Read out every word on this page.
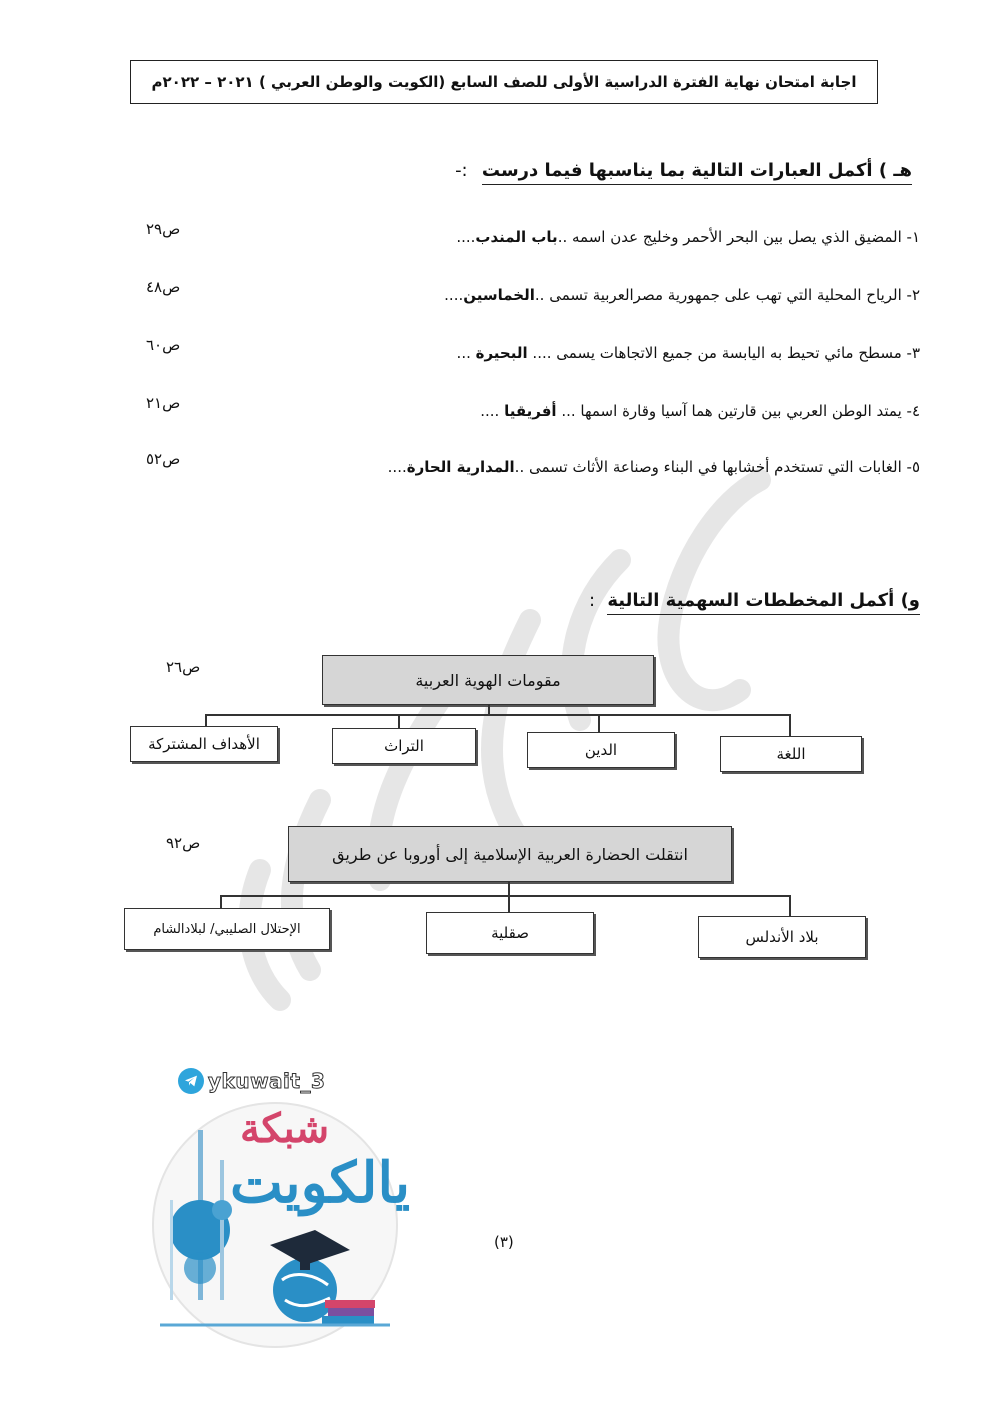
اجابة امتحان نهاية الفترة الدراسية الأولى للصف السابع (الكويت والوطن العربي ) ٢٠٢١ – ٢٠٢٢م
هـ ) أكمل العبارات التالية بما يناسبها فيما درست :-
١- المضيق الذي يصل بين البحر الأحمر وخليج عدن اسمه ..باب المندب....
ص٢٩
٢- الرياح المحلية التي تهب على جمهورية مصرالعربية تسمى ..الخماسين....
ص٤٨
٣- مسطح مائي تحيط به اليابسة من جميع الاتجاهات يسمى .... البحيرة ...
ص٦٠
٤- يمتد الوطن العربي بين قارتين هما آسيا وقارة اسمها ... أفريقيا ....
ص٢١
٥- الغابات التي تستخدم أخشابها في البناء وصناعة الأثاث تسمى ..المدارية الحارة....
ص٥٢
و) أكمل المخططات السهمية التالية :
ص٢٦
مقومات الهوية العربية
اللغة
الدين
التراث
الأهداف المشتركة
ص٩٢
انتقلت الحضارة العربية الإسلامية إلى أوروبا عن طريق
بلاد الأندلس
صقلية
الإحتلال الصليبي/ لبلادالشام
ykuwait_3
شبكة
يالكويت
(٣)
